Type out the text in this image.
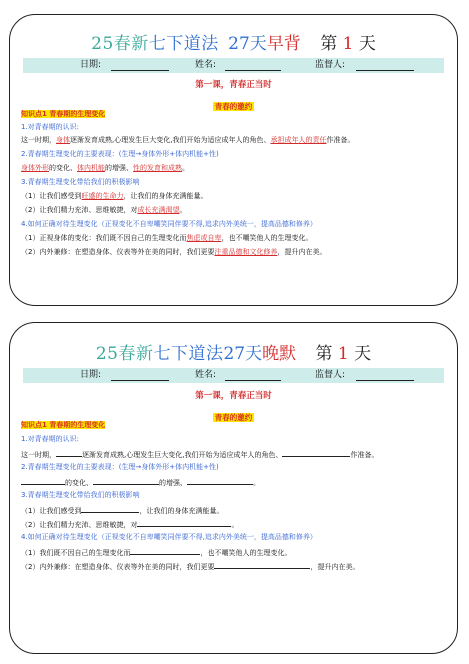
25春新七下道法 27天早背 第 1 天
日期:	姓名:	监督人:
第一课，青春正当时
青春的邀约
知识点1 青春期的生理变化
1.对青春期的认识:
这一时期，身体逐渐发育成熟,心理发生巨大变化,我们开始为适应成年人的角色、承担成年人的责任作准备。
2.青春期生理变化的主要表现：(生理→身体外形+体内机能+性)
身体外形的变化、体内机能的增强、性的发育和成熟。
3.青春期生理变化带给我们的积极影响
（1）让我们感受到旺盛的生命力，让我们的身体充满能量。
（2）让我们精力充沛、思维敏捷，对成长充满渴望。
4.如何正确对待生理变化（正视变化不自卑嘲笑同伴要不得,追求内外美统一，提高品德和修养）
（1）正视身体的变化：我们既不因自己的生理变化而焦虑或自卑，也不嘲笑他人的生理变化。
（2）内外兼修：在塑造身体、仪表等外在美的同时，我们更要注重品德和文化修养，提升内在美。
25春新七下道法27天晚默 第 1 天
日期:	姓名:	监督人:
第一课，青春正当时
青春的邀约
知识点1 青春期的生理变化
1.对青春期的认识:
这一时期，	逐渐发育成熟,心理发生巨大变化,我们开始为适应成年人的角色、	作准备。
2.青春期生理变化的主要表现：(生理→身体外形+体内机能+性)
的变化、	的增强、	。
3.青春期生理变化带给我们的积极影响
（1）让我们感受到	，让我们的身体充满能量。
（2）让我们精力充沛、思维敏捷，对	。
4.如何正确对待生理变化（正视变化不自卑嘲笑同伴要不得,追求内外美统一，提高品德和修养）
（1）我们既不因自己的生理变化而	，也不嘲笑他人的生理变化。
（2）内外兼修：在塑造身体、仪表等外在美的同时，我们更要	，提升内在美。
